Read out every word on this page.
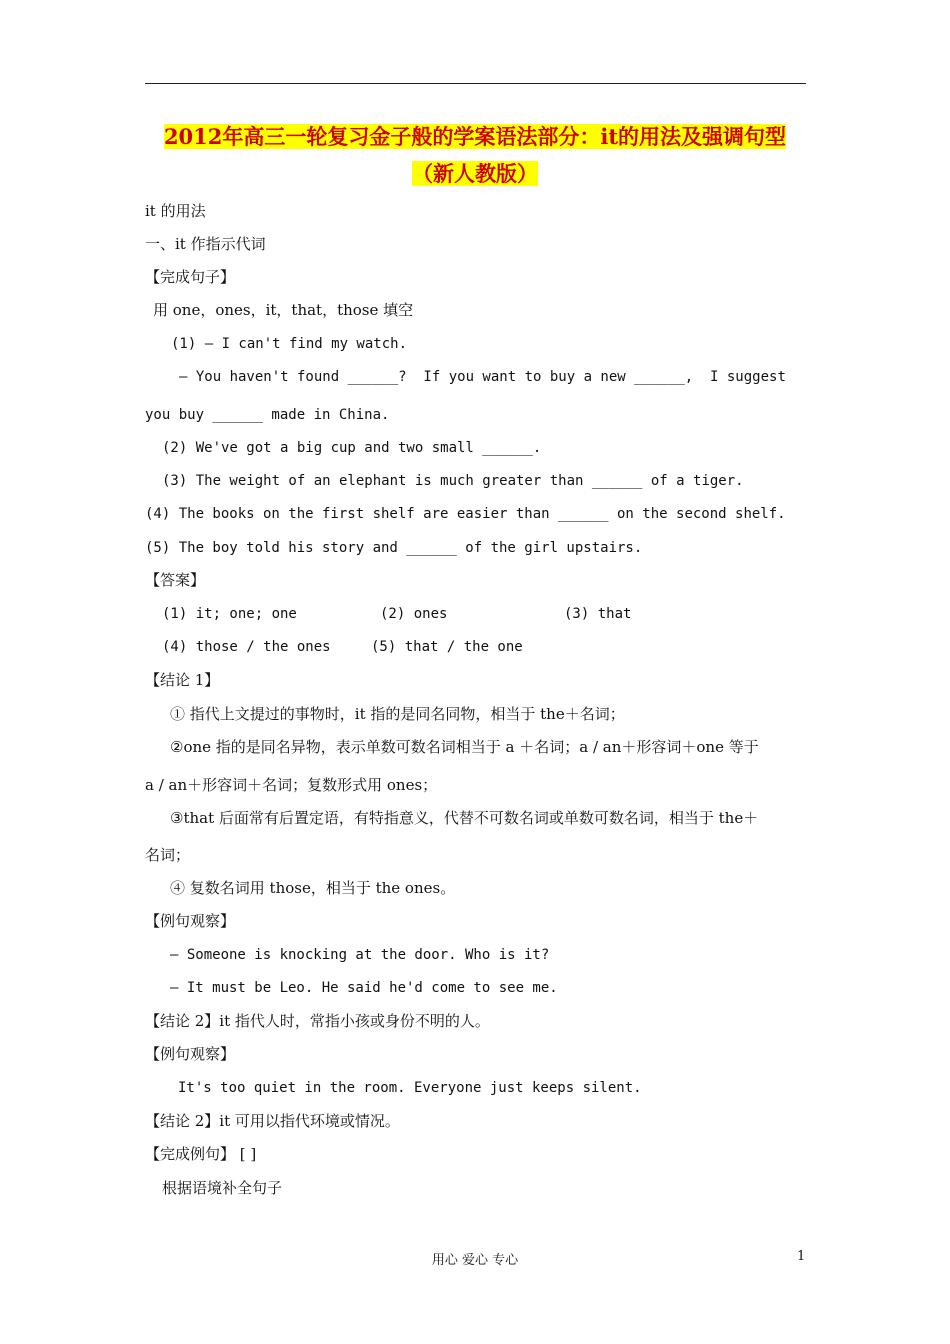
2012年高三一轮复习金子般的学案语法部分：it的用法及强调句型
（新人教版）
it 的用法
一、it 作指示代词
【完成句子】
用 one，ones，it，that，those 填空
(1) — I can't find my watch.
— You haven't found ______?  If you want to buy a new ______,  I suggest
you buy ______ made in China.
(2) We've got a big cup and two small ______.
(3) The weight of an elephant is much greater than ______ of a tiger.
(4) The books on the first shelf are easier than ______ on the second shelf.
(5) The boy told his story and ______ of the girl upstairs.
【答案】
(1) it; one; one	(2) ones	(3) that
(4) those / the ones	(5) that / the one
【结论 1】
① 指代上文提过的事物时，it 指的是同名同物，相当于 the＋名词；
②one 指的是同名异物，表示单数可数名词相当于 a ＋名词；a / an＋形容词＋one 等于
a / an＋形容词＋名词；复数形式用 ones；
③that 后面常有后置定语，有特指意义，代替不可数名词或单数可数名词，相当于 the＋
名词；
④ 复数名词用 those，相当于 the ones。
【例句观察】
— Someone is knocking at the door. Who is it?
— It must be Leo. He said he'd come to see me.
【结论 2】it 指代人时，常指小孩或身份不明的人。
【例句观察】
It's too quiet in the room. Everyone just keeps silent.
【结论 2】it 可用以指代环境或情况。
【完成例句】 [ ]
根据语境补全句子
用心 爱心 专心	1
